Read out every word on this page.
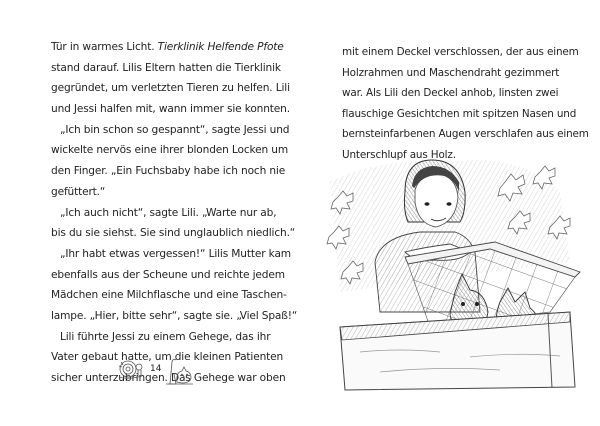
Tür in warmes Licht. Tierklinik Helfende Pfote
stand darauf. Lilis Eltern hatten die Tierklinik
gegründet, um verletzten Tieren zu helfen. Lili
und Jessi halfen mit, wann immer sie konnten.
„Ich bin schon so gespannt“, sagte Jessi und
wickelte nervös eine ihrer blonden Locken um
den Finger. „Ein Fuchsbaby habe ich noch nie
gefüttert.“
„Ich auch nicht“, sagte Lili. „Warte nur ab,
bis du sie siehst. Sie sind unglaublich niedlich.“
„Ihr habt etwas vergessen!“ Lilis Mutter kam
ebenfalls aus der Scheune und reichte jedem
Mädchen eine Milchflasche und eine Taschen-
lampe. „Hier, bitte sehr“, sagte sie. „Viel Spaß!“
Lili führte Jessi zu einem Gehege, das ihr
Vater gebaut hatte, um die kleinen Patienten
sicher unterzubringen. Das Gehege war oben
14
mit einem Deckel verschlossen, der aus einem
Holzrahmen und Maschendraht gezimmert
war. Als Lili den Deckel anhob, linsten zwei
flauschige Gesichtchen mit spitzen Nasen und
bernsteinfarbenen Augen verschlafen aus einem
Unterschlupf aus Holz.
